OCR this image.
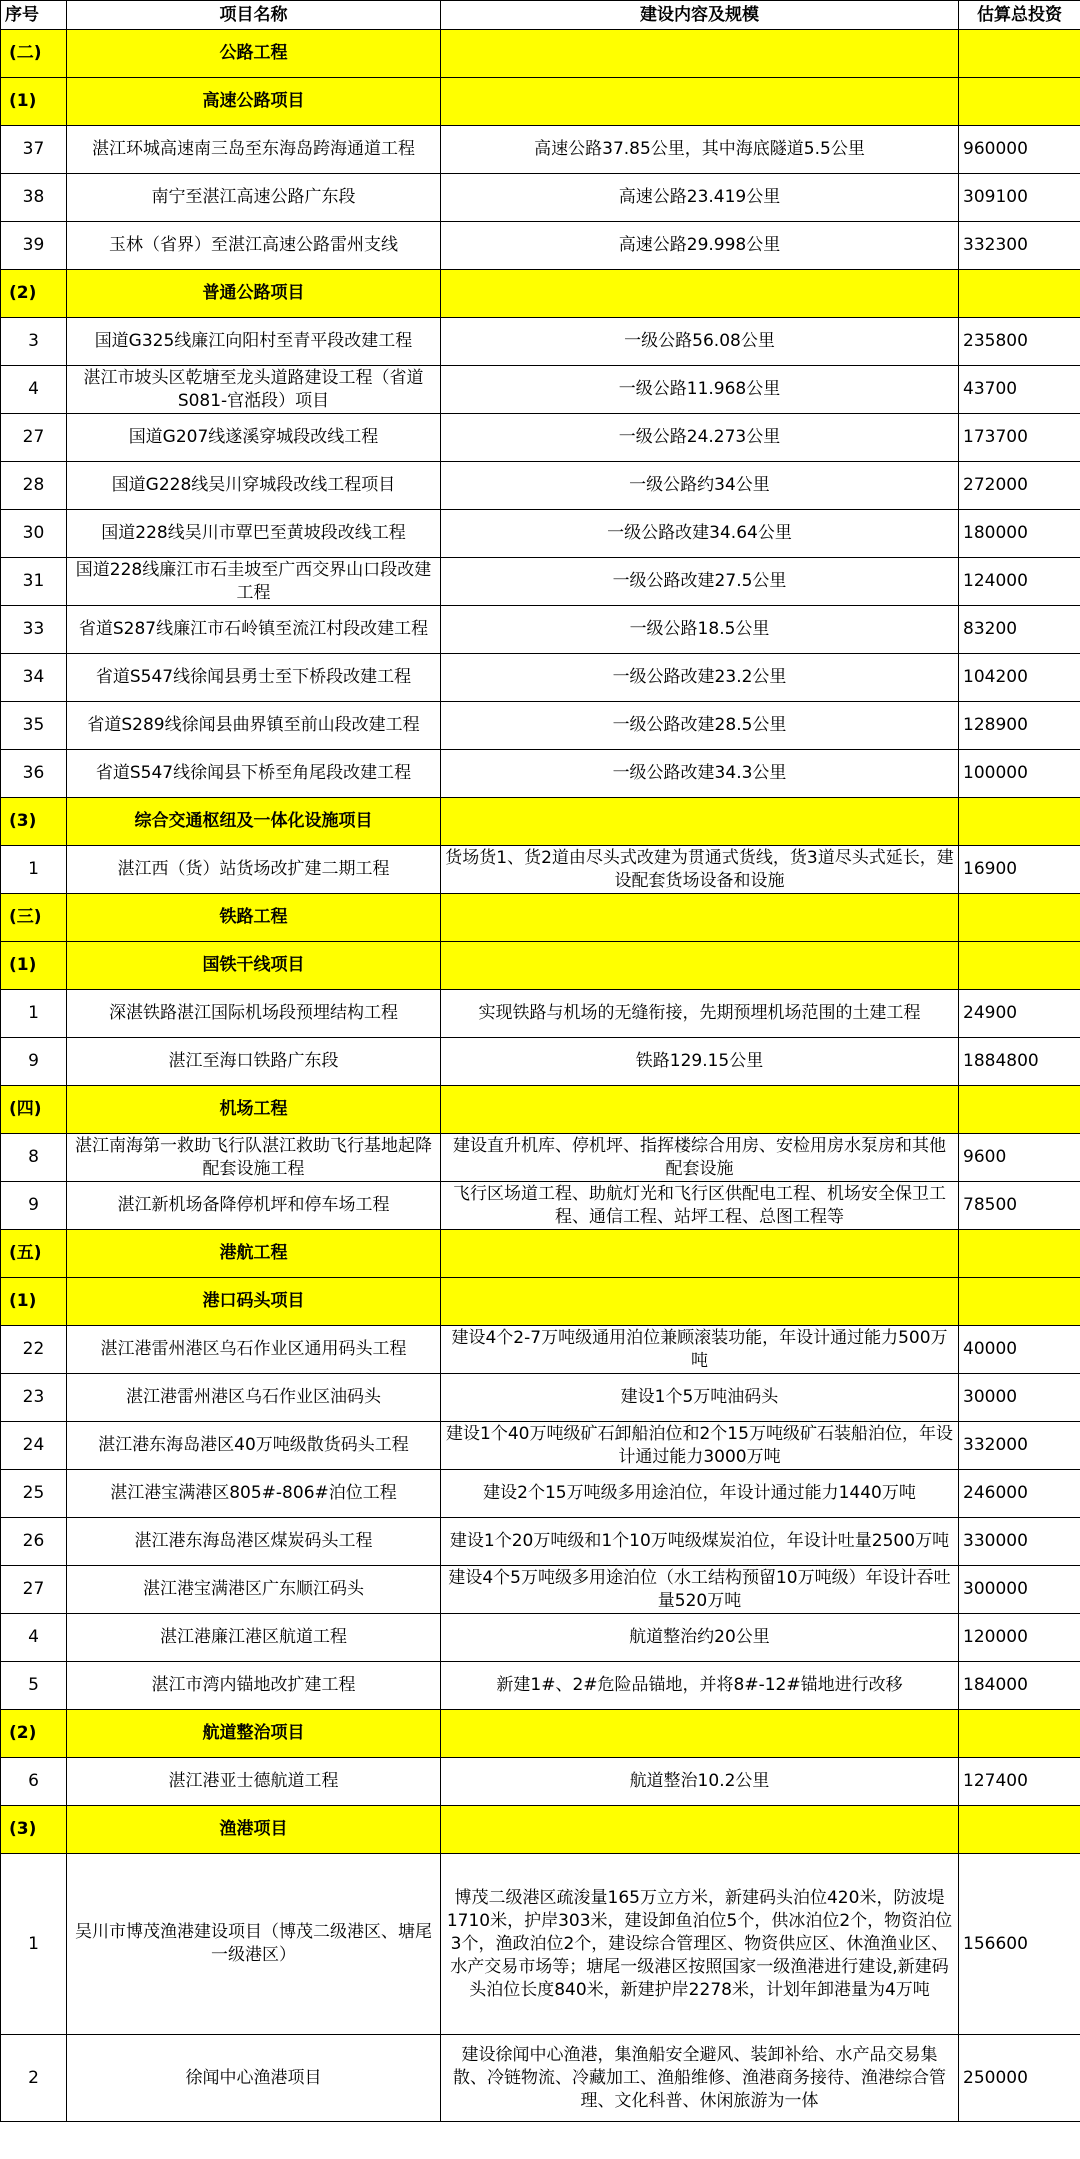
序号	项目名称	建设内容及规模	估算总投资
(二)	公路工程		
(1)	高速公路项目		
37	湛江环城高速南三岛至东海岛跨海通道工程	高速公路37.85公里，其中海底隧道5.5公里	960000
38	南宁至湛江高速公路广东段	高速公路23.419公里	309100
39	玉林（省界）至湛江高速公路雷州支线	高速公路29.998公里	332300
(2)	普通公路项目		
3	国道G325线廉江向阳村至青平段改建工程	一级公路56.08公里	235800
4	湛江市坡头区乾塘至龙头道路建设工程（省道S081-官湉段）项目	一级公路11.968公里	43700
27	国道G207线遂溪穿城段改线工程	一级公路24.273公里	173700
28	国道G228线吴川穿城段改线工程项目	一级公路约34公里	272000
30	国道228线吴川市覃巴至黄坡段改线工程	一级公路改建34.64公里	180000
31	国道228线廉江市石圭坡至广西交界山口段改建工程	一级公路改建27.5公里	124000
33	省道S287线廉江市石岭镇至流江村段改建工程	一级公路18.5公里	83200
34	省道S547线徐闻县勇士至下桥段改建工程	一级公路改建23.2公里	104200
35	省道S289线徐闻县曲界镇至前山段改建工程	一级公路改建28.5公里	128900
36	省道S547线徐闻县下桥至角尾段改建工程	一级公路改建34.3公里	100000
(3)	综合交通枢纽及一体化设施项目		
1	湛江西（货）站货场改扩建二期工程	货场货1、货2道由尽头式改建为贯通式货线，货3道尽头式延长，建设配套货场设备和设施	16900
(三)	铁路工程		
(1)	国铁干线项目		
1	深湛铁路湛江国际机场段预埋结构工程	实现铁路与机场的无缝衔接，先期预埋机场范围的土建工程	24900
9	湛江至海口铁路广东段	铁路129.15公里	1884800
(四)	机场工程		
8	湛江南海第一救助飞行队湛江救助飞行基地起降配套设施工程	建设直升机库、停机坪、指挥楼综合用房、安检用房水泵房和其他配套设施	9600
9	湛江新机场备降停机坪和停车场工程	飞行区场道工程、助航灯光和飞行区供配电工程、机场安全保卫工程、通信工程、站坪工程、总图工程等	78500
(五)	港航工程		
(1)	港口码头项目		
22	湛江港雷州港区乌石作业区通用码头工程	建设4个2-7万吨级通用泊位兼顾滚装功能，年设计通过能力500万吨	40000
23	湛江港雷州港区乌石作业区油码头	建设1个5万吨油码头	30000
24	湛江港东海岛港区40万吨级散货码头工程	建设1个40万吨级矿石卸船泊位和2个15万吨级矿石装船泊位，年设计通过能力3000万吨	332000
25	湛江港宝满港区805#-806#泊位工程	建设2个15万吨级多用途泊位，年设计通过能力1440万吨	246000
26	湛江港东海岛港区煤炭码头工程	建设1个20万吨级和1个10万吨级煤炭泊位，年设计吐量2500万吨	330000
27	湛江港宝满港区广东顺江码头	建设4个5万吨级多用途泊位（水工结构预留10万吨级）年设计吞吐量520万吨	300000
4	湛江港廉江港区航道工程	航道整治约20公里	120000
5	湛江市湾内锚地改扩建工程	新建1#、2#危险品锚地，并将8#-12#锚地进行改移	184000
(2)	航道整治项目		
6	湛江港亚士德航道工程	航道整治10.2公里	127400
(3)	渔港项目		
1	吴川市博茂渔港建设项目（博茂二级港区、塘尾一级港区）	博茂二级港区疏浚量165万立方米，新建码头泊位420米，防波堤1710米，护岸303米，建设卸鱼泊位5个，供冰泊位2个，物资泊位3个，渔政泊位2个，建设综合管理区、物资供应区、休渔渔业区、水产交易市场等；塘尾一级港区按照国家一级渔港进行建设,新建码头泊位长度840米，新建护岸2278米，计划年卸港量为4万吨	156600
2	徐闻中心渔港项目	建设徐闻中心渔港，集渔船安全避风、装卸补给、水产品交易集散、冷链物流、冷藏加工、渔船维修、渔港商务接待、渔港综合管理、文化科普、休闲旅游为一体	250000
